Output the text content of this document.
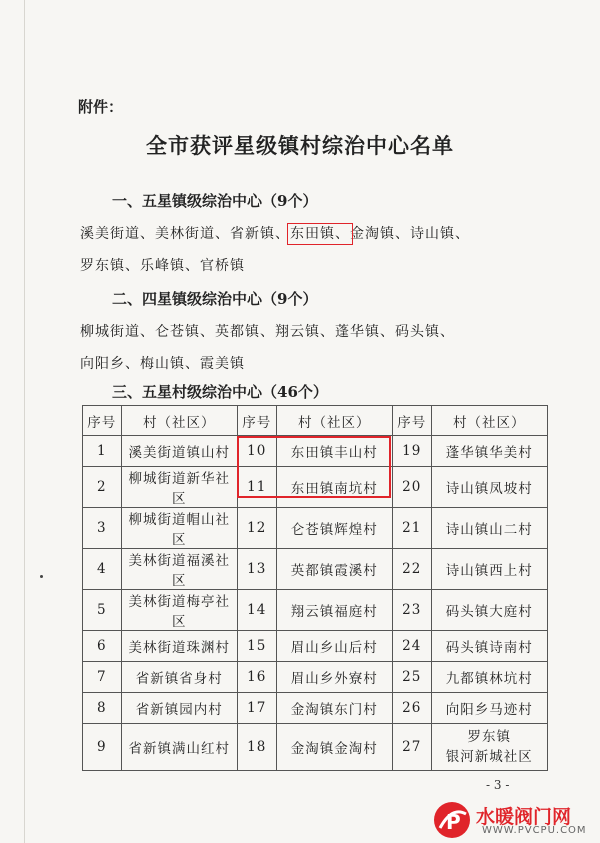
附件：
全市获评星级镇村综治中心名单
一、五星镇级综治中心（9个）
溪美街道、美林街道、省新镇、东田镇、金淘镇、诗山镇、
罗东镇、乐峰镇、官桥镇
二、四星镇级综治中心（9个）
柳城街道、仑苍镇、英都镇、翔云镇、蓬华镇、码头镇、
向阳乡、梅山镇、霞美镇
三、五星村级综治中心（46个）
序号	村（社区）	序号	村（社区）	序号	村（社区）
1	溪美街道镇山村	10	东田镇丰山村	19	蓬华镇华美村
2	柳城街道新华社区	11	东田镇南坑村	20	诗山镇凤坡村
3	柳城街道帽山社区	12	仑苍镇辉煌村	21	诗山镇山二村
4	美林街道福溪社区	13	英都镇霞溪村	22	诗山镇西上村
5	美林街道梅亭社区	14	翔云镇福庭村	23	码头镇大庭村
6	美林街道珠渊村	15	眉山乡山后村	24	码头镇诗南村
7	省新镇省身村	16	眉山乡外寮村	25	九都镇林坑村
8	省新镇园内村	17	金淘镇东门村	26	向阳乡马迹村
9	省新镇满山红村	18	金淘镇金淘村	27	罗东镇
银河新城社区
- 3 -
P 水暖阀门网
WWW.PVCPU.COM
